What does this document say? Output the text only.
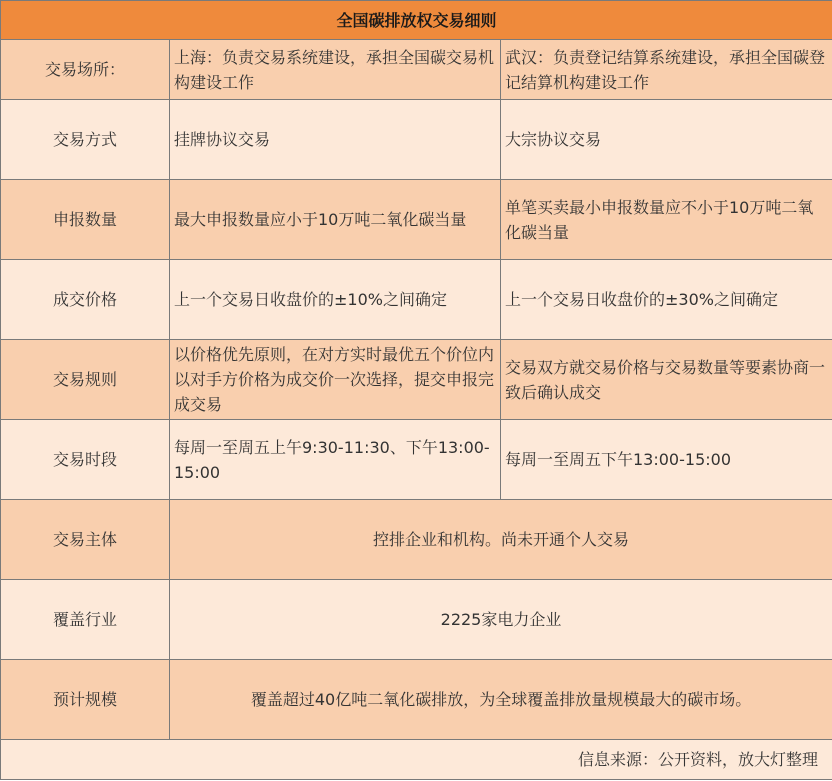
全国碳排放权交易细则		
交易场所：	上海：负责交易系统建设，承担全国碳交易机构建设工作	武汉：负责登记结算系统建设，承担全国碳登记结算机构建设工作
交易方式	挂牌协议交易	大宗协议交易
申报数量	最大申报数量应小于10万吨二氧化碳当量	单笔买卖最小申报数量应不小于10万吨二氧化碳当量
成交价格	上一个交易日收盘价的±10%之间确定	上一个交易日收盘价的±30%之间确定
交易规则	以价格优先原则，在对方实时最优五个价位内以对手方价格为成交价一次选择，提交申报完成交易	交易双方就交易价格与交易数量等要素协商一致后确认成交
交易时段	每周一至周五上午9:30-11:30、下午13:00-15:00	每周一至周五下午13:00-15:00
交易主体	控排企业和机构。尚未开通个人交易	
覆盖行业	2225家电力企业	
预计规模	覆盖超过40亿吨二氧化碳排放，为全球覆盖排放量规模最大的碳市场。	
信息来源：公开资料，放大灯整理		
